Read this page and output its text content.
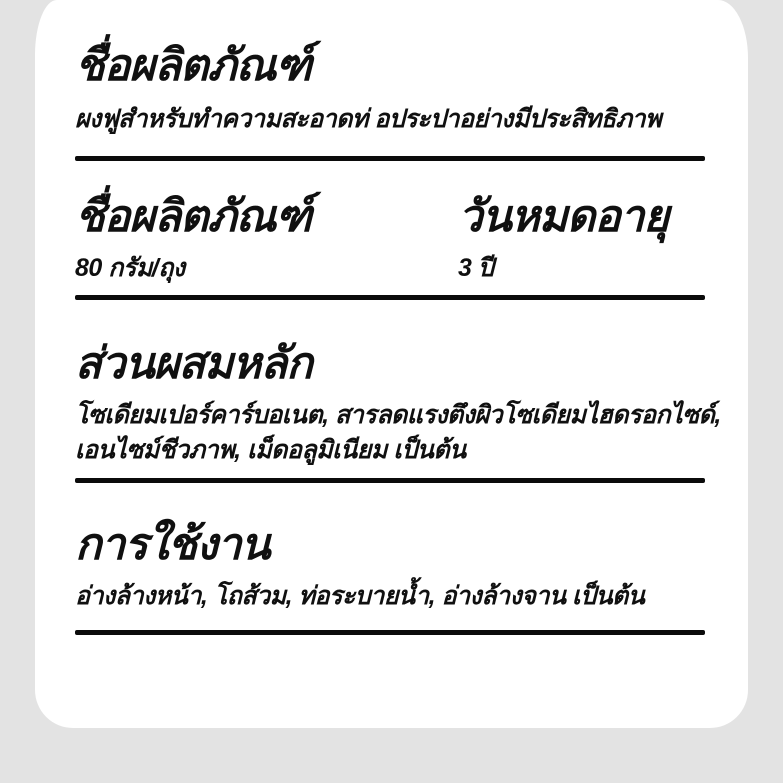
ชื่อผลิตภัณฑ์
ผงฟูสำหรับทำความสะอาดท่ อประปาอย่างมีประสิทธิภาพ
ชื่อผลิตภัณฑ์
80 กรัม/ถุง
วันหมดอายุ
3 ปี
ส่วนผสมหลัก
โซเดียมเปอร์คาร์บอเนต, สารลดแรงตึงผิวโซเดียมไฮดรอกไซด์,
เอนไซม์ชีวภาพ, เม็ดอลูมิเนียม เป็นต้น
การใช้งาน
อ่างล้างหน้า, โถส้วม, ท่อระบายน้ำ, อ่างล้างจาน เป็นต้น
